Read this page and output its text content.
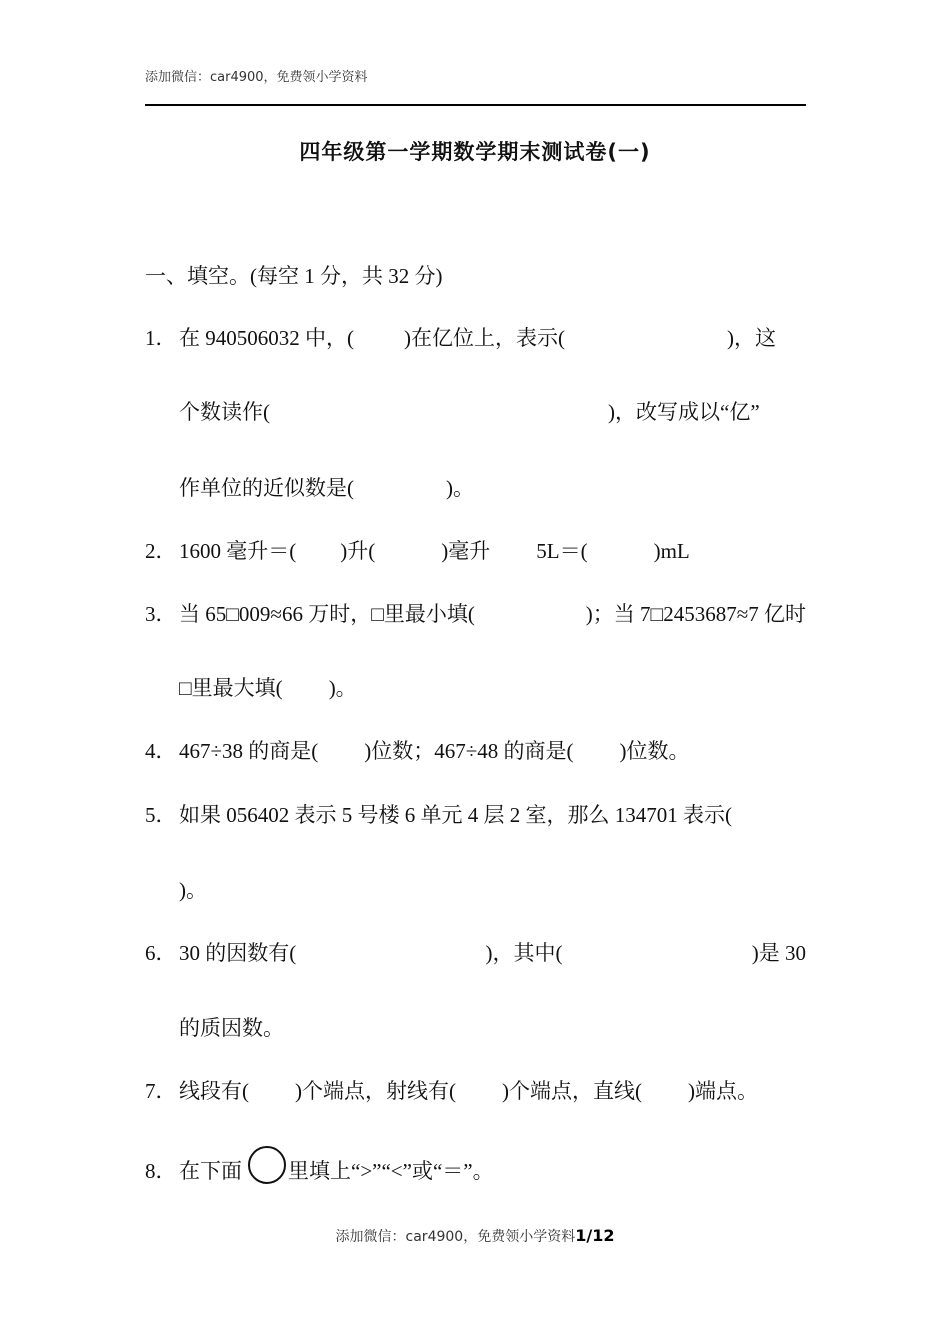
添加微信：car4900，免费领小学资料
四年级第一学期数学期末测试卷(一)
一、填空。(每空 1 分，共 32 分)
1． 在 940506032 中，( )在亿位上，表示(	)，这
个数读作(	)，改写成以“亿”
作单位的近似数是(	)。
2． 1600 毫升＝( )升(	)毫升 5L＝(	)mL
3． 当 65□009≈66 万时，□里最小填(	)；当 7□2453687≈7 亿时
□里最大填( )。
4． 467÷38 的商是( )位数；467÷48 的商是( )位数。
5． 如果 056402 表示 5 号楼 6 单元 4 层 2 室，那么 134701 表示(
)。
6． 30 的因数有(	)，其中(	)是 30
的质因数。
7． 线段有( )个端点，射线有( )个端点，直线( )端点。
8． 在下面 里填上“>”“<”或“＝”。
添加微信：car4900，免费领小学资料1/12
